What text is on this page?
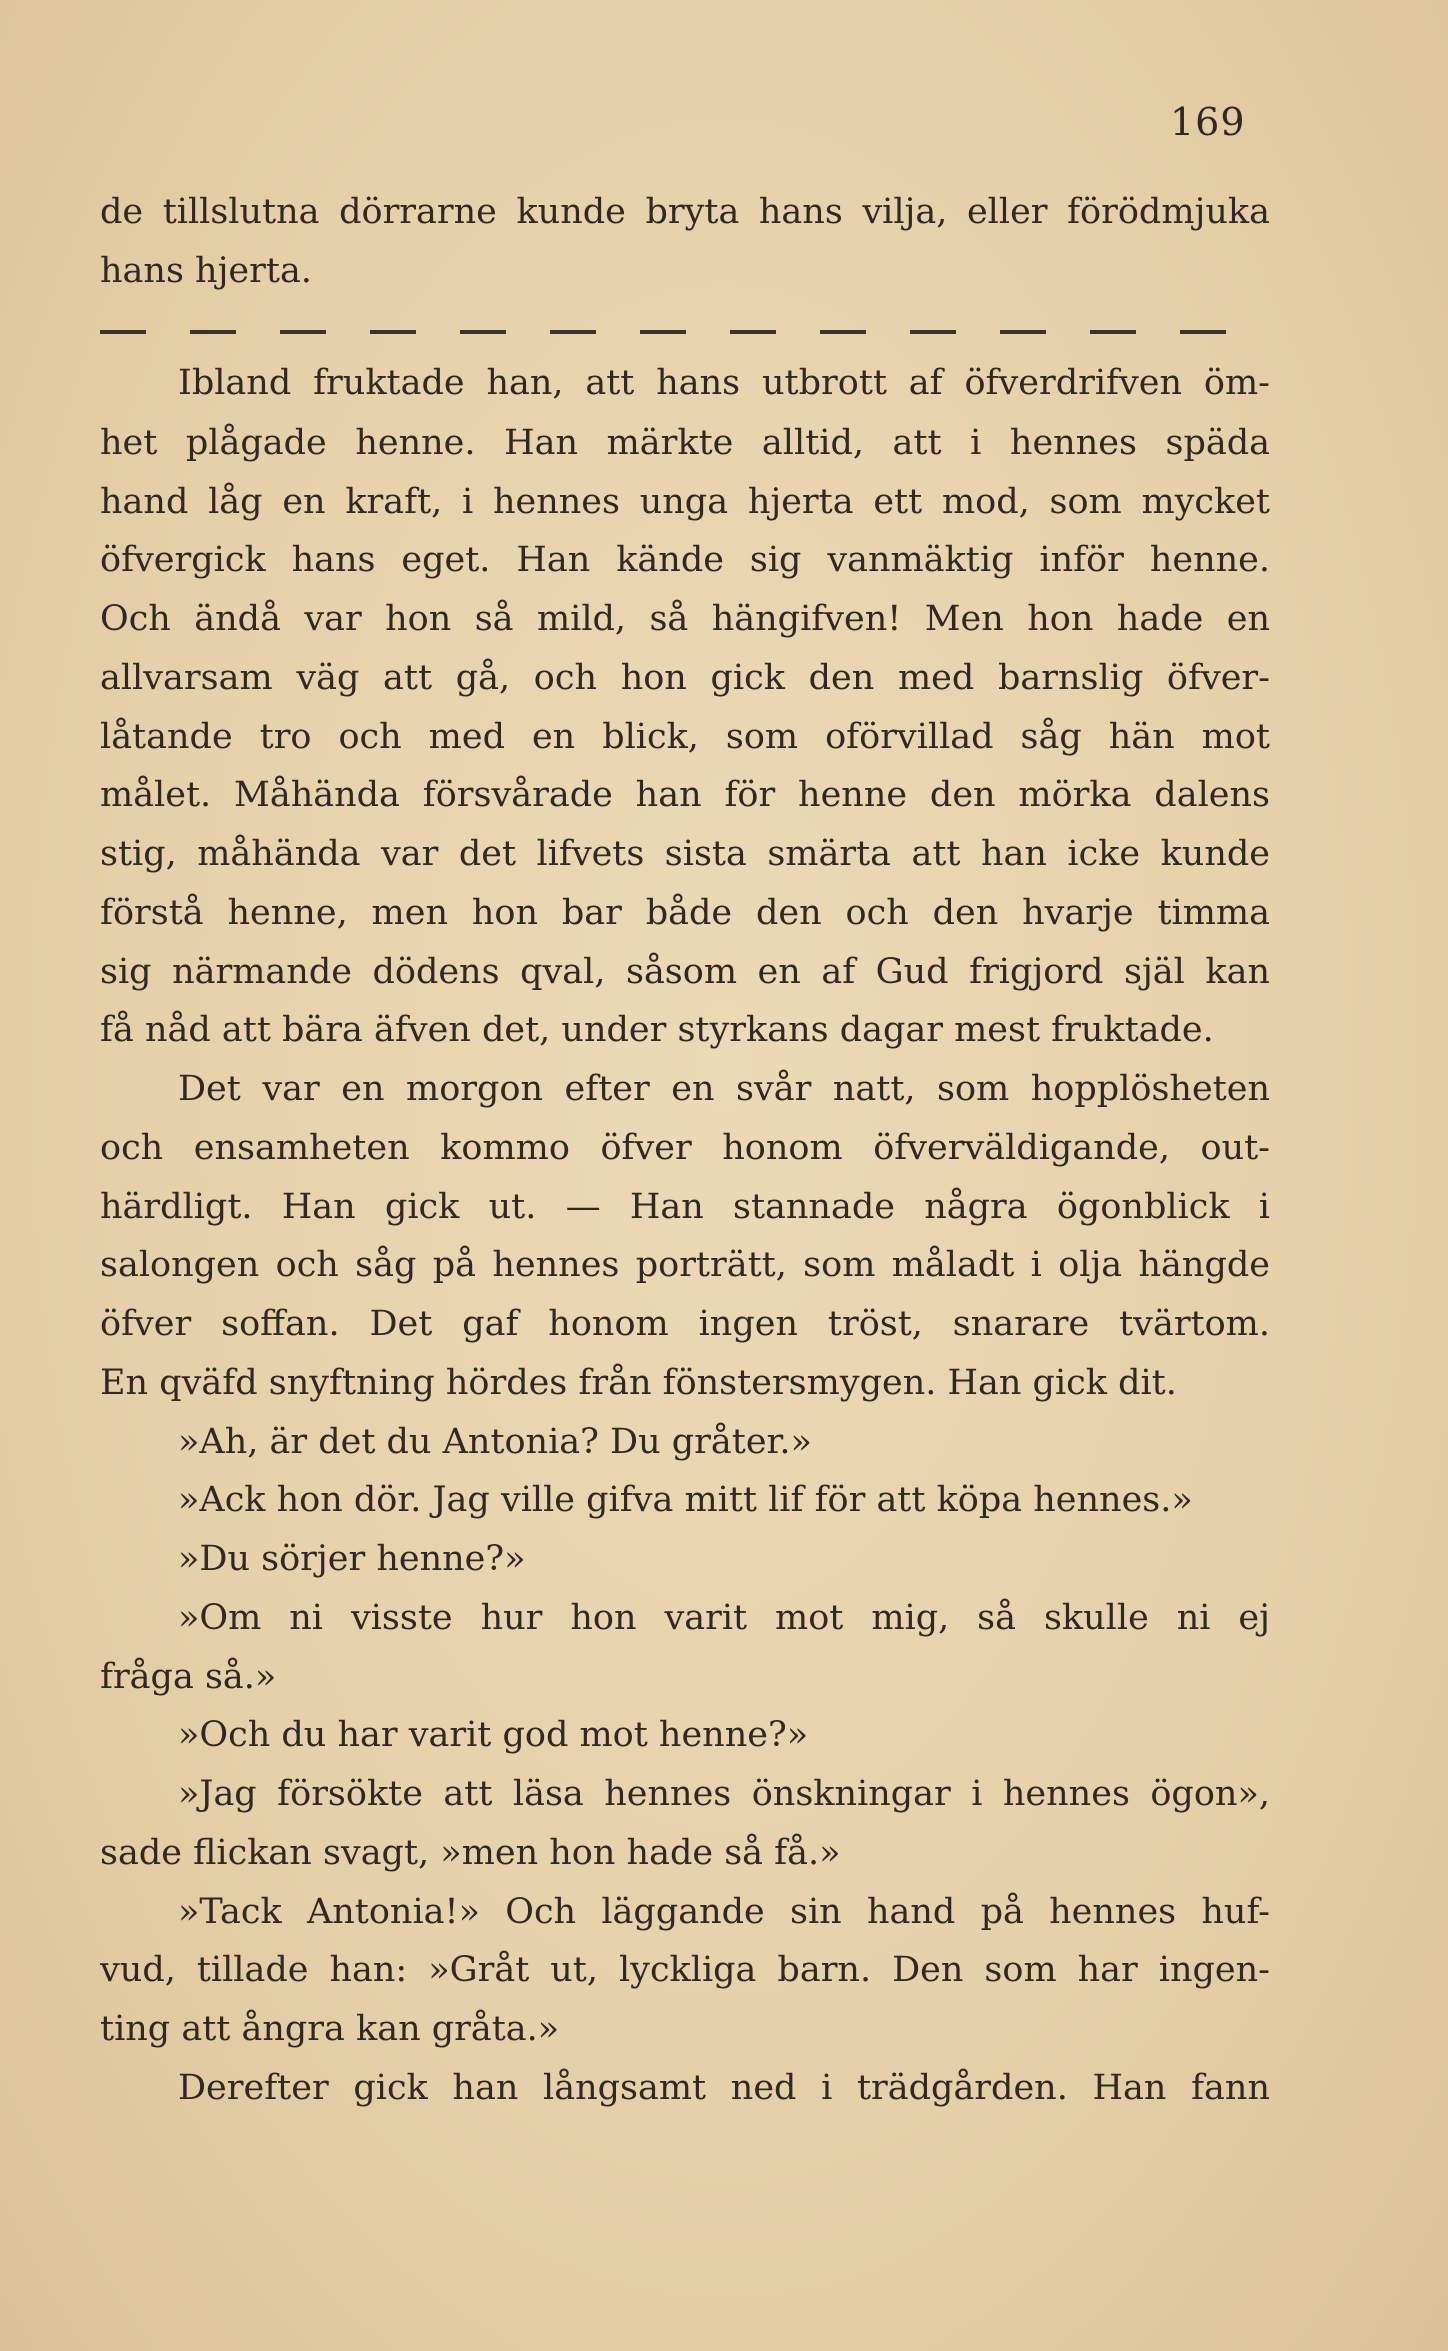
169
de tillslutna dörrarne kunde bryta hans vilja, eller förödmjuka
hans hjerta.
Ibland fruktade han, att hans utbrott af öfverdrifven öm-
het plågade henne. Han märkte alltid, att i hennes späda
hand låg en kraft, i hennes unga hjerta ett mod, som mycket
öfvergick hans eget. Han kände sig vanmäktig inför henne.
Och ändå var hon så mild, så hängifven! Men hon hade en
allvarsam väg att gå, och hon gick den med barnslig öfver-
låtande tro och med en blick, som oförvillad såg hän mot
målet. Måhända försvårade han för henne den mörka dalens
stig, måhända var det lifvets sista smärta att han icke kunde
förstå henne, men hon bar både den och den hvarje timma
sig närmande dödens qval, såsom en af Gud frigjord själ kan
få nåd att bära äfven det, under styrkans dagar mest fruktade.
Det var en morgon efter en svår natt, som hopplösheten
och ensamheten kommo öfver honom öfverväldigande, out-
härdligt. Han gick ut. — Han stannade några ögonblick i
salongen och såg på hennes porträtt, som måladt i olja hängde
öfver soffan. Det gaf honom ingen tröst, snarare tvärtom.
En qväfd snyftning hördes från fönstersmygen. Han gick dit.
»Ah, är det du Antonia? Du gråter.»
»Ack hon dör. Jag ville gifva mitt lif för att köpa hennes.»
»Du sörjer henne?»
»Om ni visste hur hon varit mot mig, så skulle ni ej
fråga så.»
»Och du har varit god mot henne?»
»Jag försökte att läsa hennes önskningar i hennes ögon»,
sade flickan svagt, »men hon hade så få.»
»Tack Antonia!» Och läggande sin hand på hennes huf-
vud, tillade han: »Gråt ut, lyckliga barn. Den som har ingen-
ting att ångra kan gråta.»
Derefter gick han långsamt ned i trädgården. Han fann
